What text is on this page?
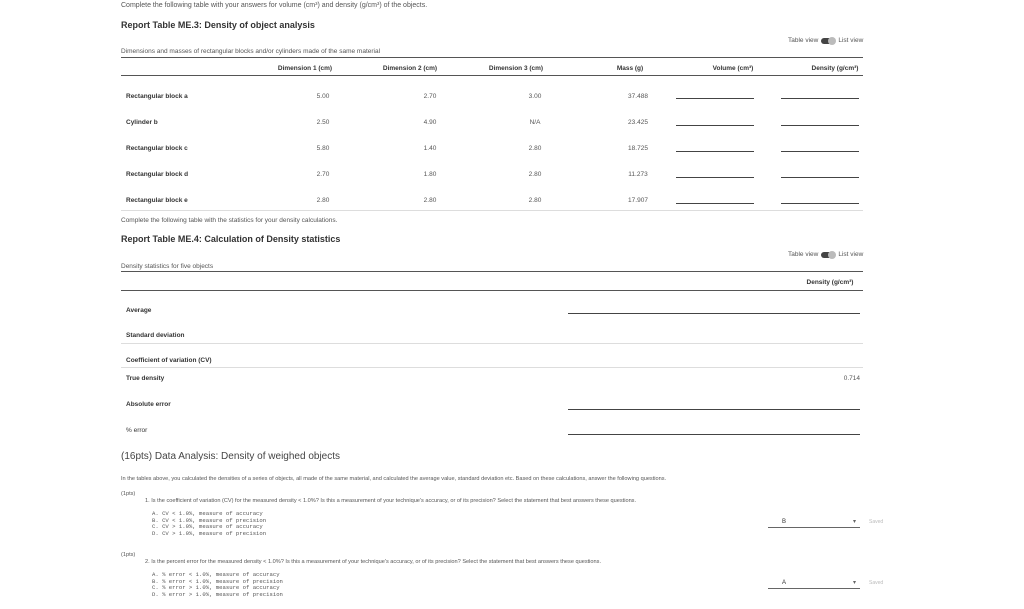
Complete the following table with your answers for volume (cm³) and density (g/cm³) of the objects.
Report Table ME.3: Density of object analysis
Table view	List view
Dimensions and masses of rectangular blocks and/or cylinders made of the same material
Dimension 1 (cm)	Dimension 2 (cm)	Dimension 3 (cm)	Mass (g)	Volume (cm³)	Density (g/cm³)
Rectangular block a	5.00	2.70	3.00	37.488
Cylinder b	2.50	4.90	N/A	23.425
Rectangular block c	5.80	1.40	2.80	18.725
Rectangular block d	2.70	1.80	2.80	11.273
Rectangular block e	2.80	2.80	2.80	17.907
Complete the following table with the statistics for your density calculations.
Report Table ME.4: Calculation of Density statistics
Table view	List view
Density statistics for five objects
Density (g/cm³)
Average
Standard deviation
Coefficient of variation (CV)
True density	0.714
Absolute error
% error
(16pts) Data Analysis: Density of weighed objects
In the tables above, you calculated the densities of a series of objects, all made of the same material, and calculated the average value, standard deviation etc. Based on these calculations, answer the following questions.
(1pts)
1. Is the coefficient of variation (CV) for the measured density < 1.0%? Is this a measurement of your technique's accuracy, or of its precision? Select the statement that best answers these questions.
A. CV < 1.0%, measure of accuracy
B. CV < 1.0%, measure of precision
C. CV > 1.0%, measure of accuracy
D. CV > 1.0%, measure of precision
B	▾	Saved
(1pts)
2. Is the percent error for the measured density < 1.0%? Is this a measurement of your technique's accuracy, or of its precision? Select the statement that best answers these questions.
A. % error < 1.0%, measure of accuracy
B. % error < 1.0%, measure of precision
C. % error > 1.0%, measure of accuracy
D. % error > 1.0%, measure of precision
A	▾	Saved
